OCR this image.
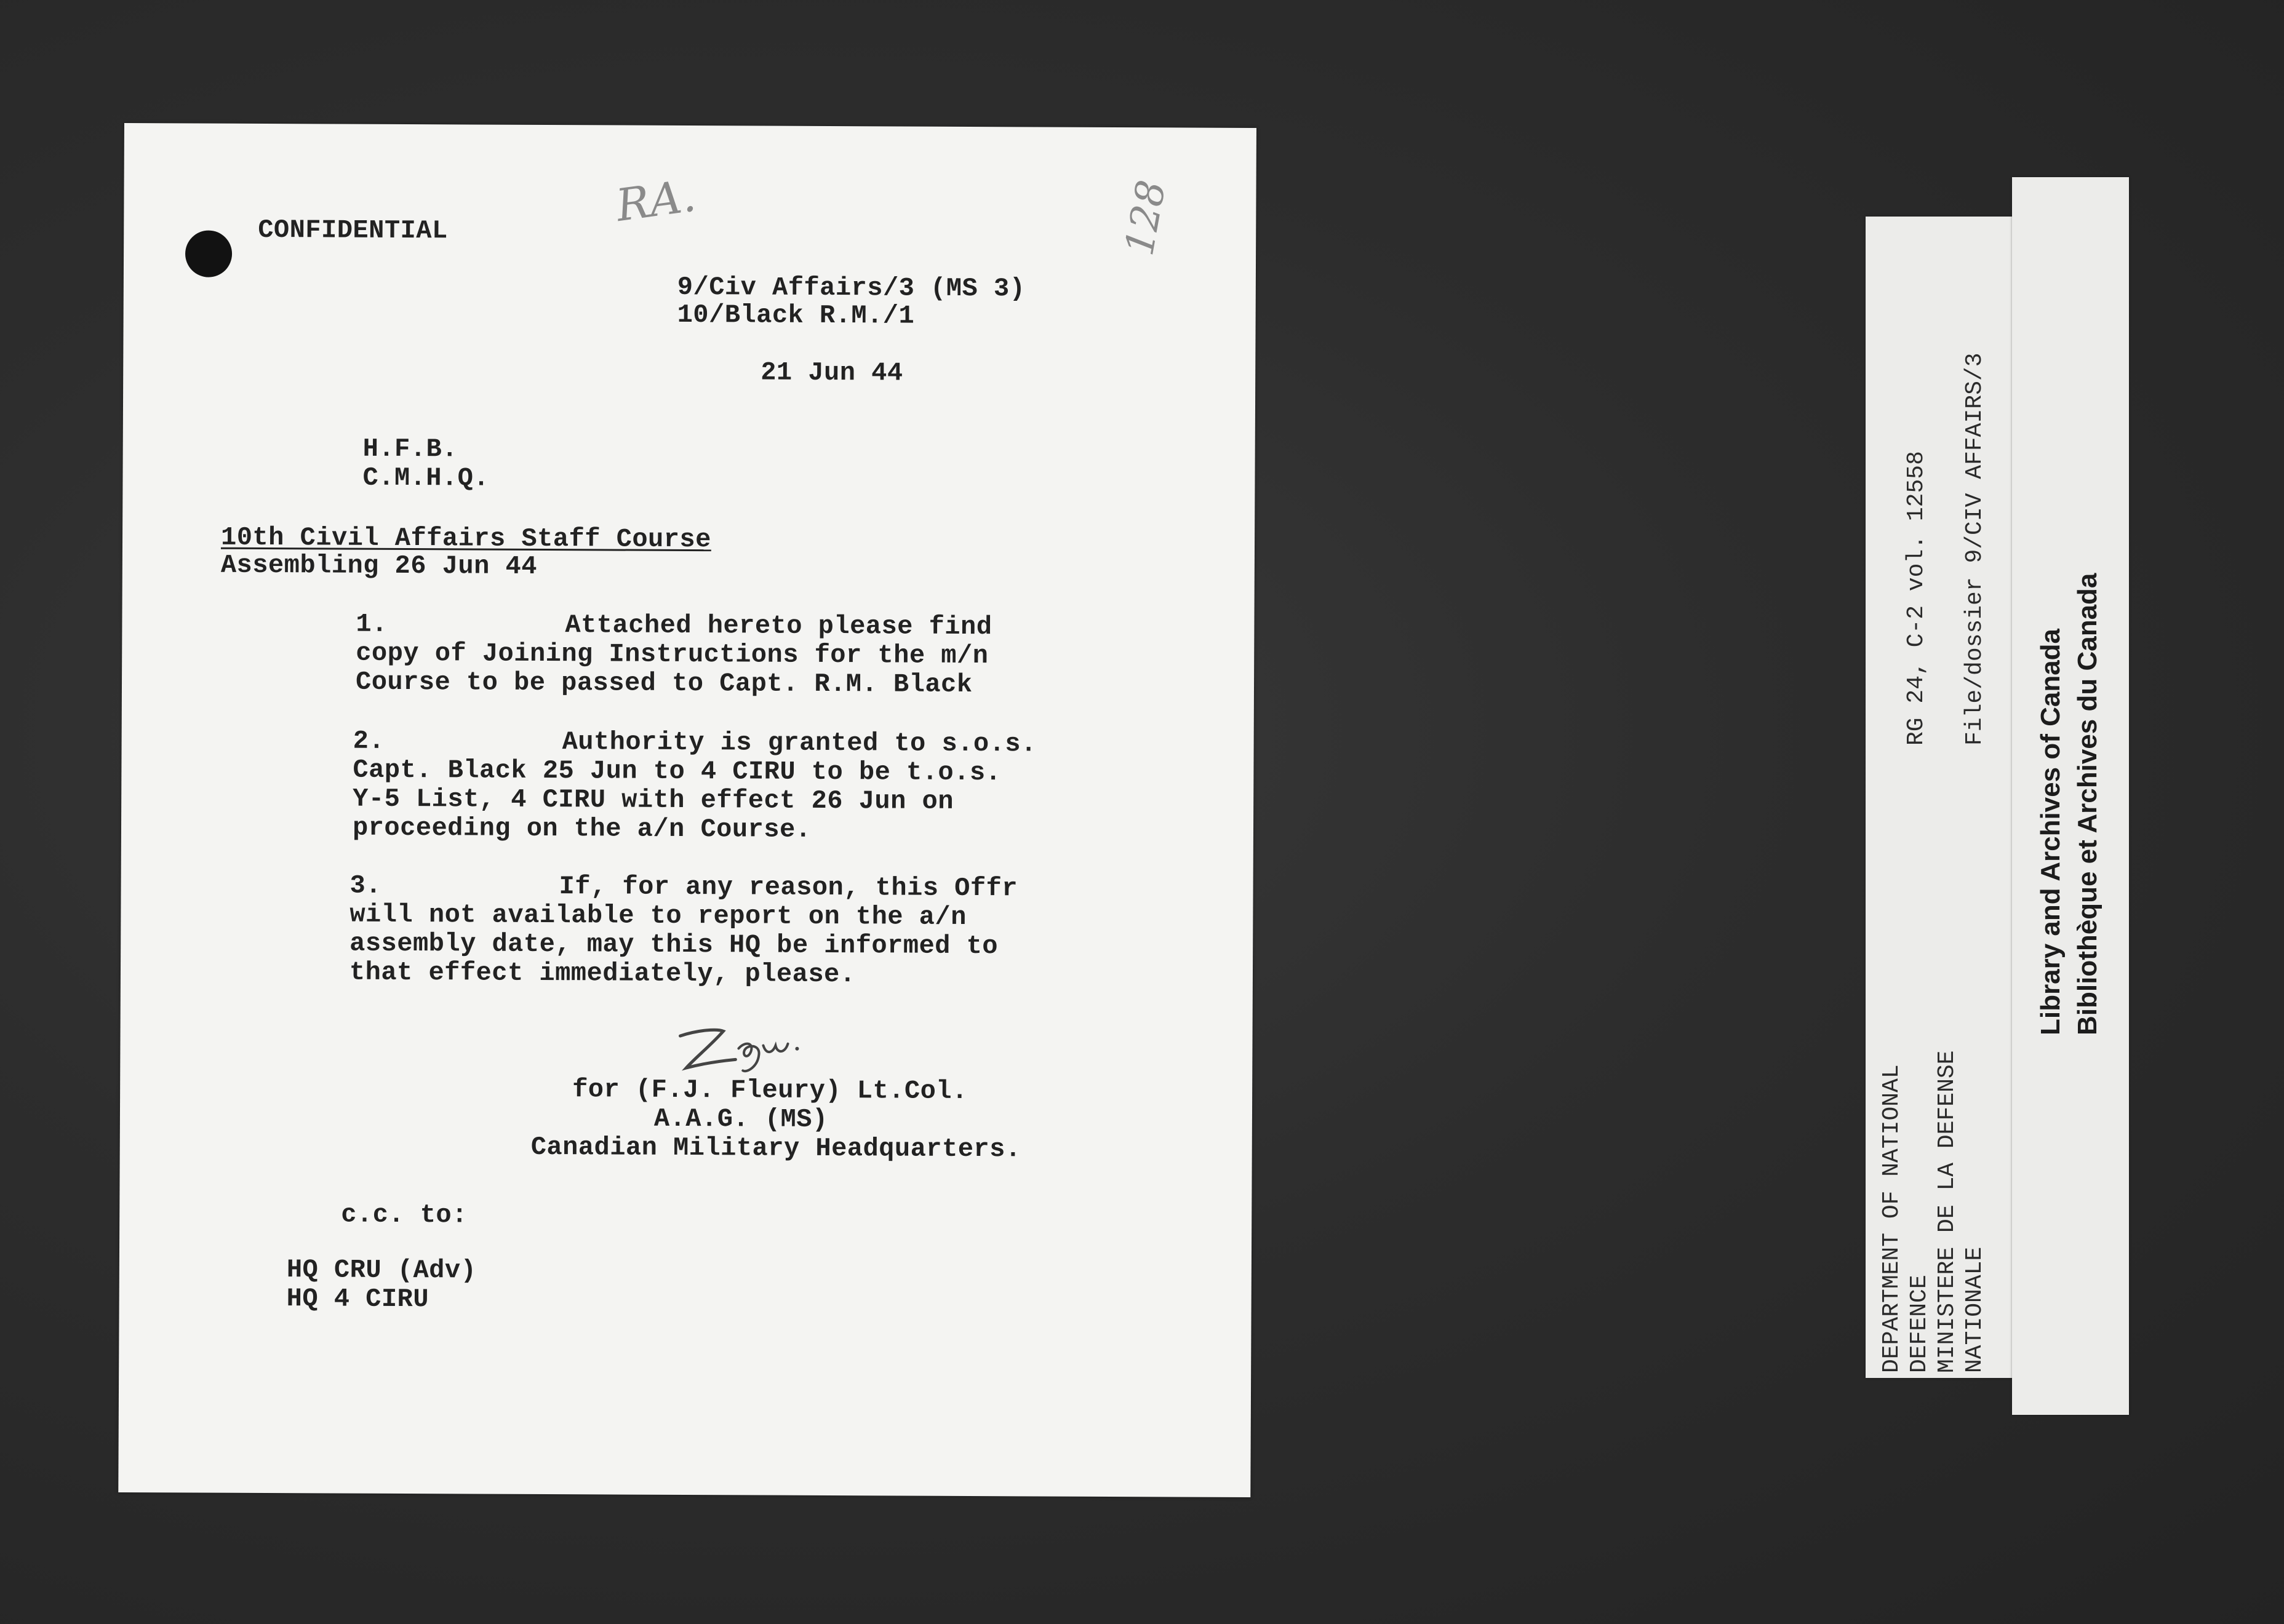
RA.	128

CONFIDENTIAL

9/Civ Affairs/3 (MS 3)

10/Black R.M./1

21 Jun 44

H.F.B.

C.M.H.Q.

10th Civil Affairs Staff Course

Assembling 26 Jun 44

1.	Attached hereto please find

copy of Joining Instructions for the m/n

Course to be passed to Capt. R.M. Black

2.	Authority is granted to s.o.s.

Capt. Black 25 Jun to 4 CIRU to be t.o.s.

Y-5 List, 4 CIRU with effect 26 Jun on

proceeding on the a/n Course.

3.	If, for any reason, this Offr

will not available to report on the a/n

assembly date, may this HQ be informed to

that effect immediately, please.

for (F.J. Fleury) Lt.Col.

A.A.G. (MS)

Canadian Military Headquarters.

c.c. to:

HQ CRU (Adv)

HQ 4 CIRU	DEPARTMENT OF NATIONAL DEFENCE MINISTERE DE LA DEFENSE NATIONALE

RG 24, C-2 vol. 12558 File/dossier 9/CIV AFFAIRS/3

Library and Archives of Canada Bibliothèque et Archives du Canada
